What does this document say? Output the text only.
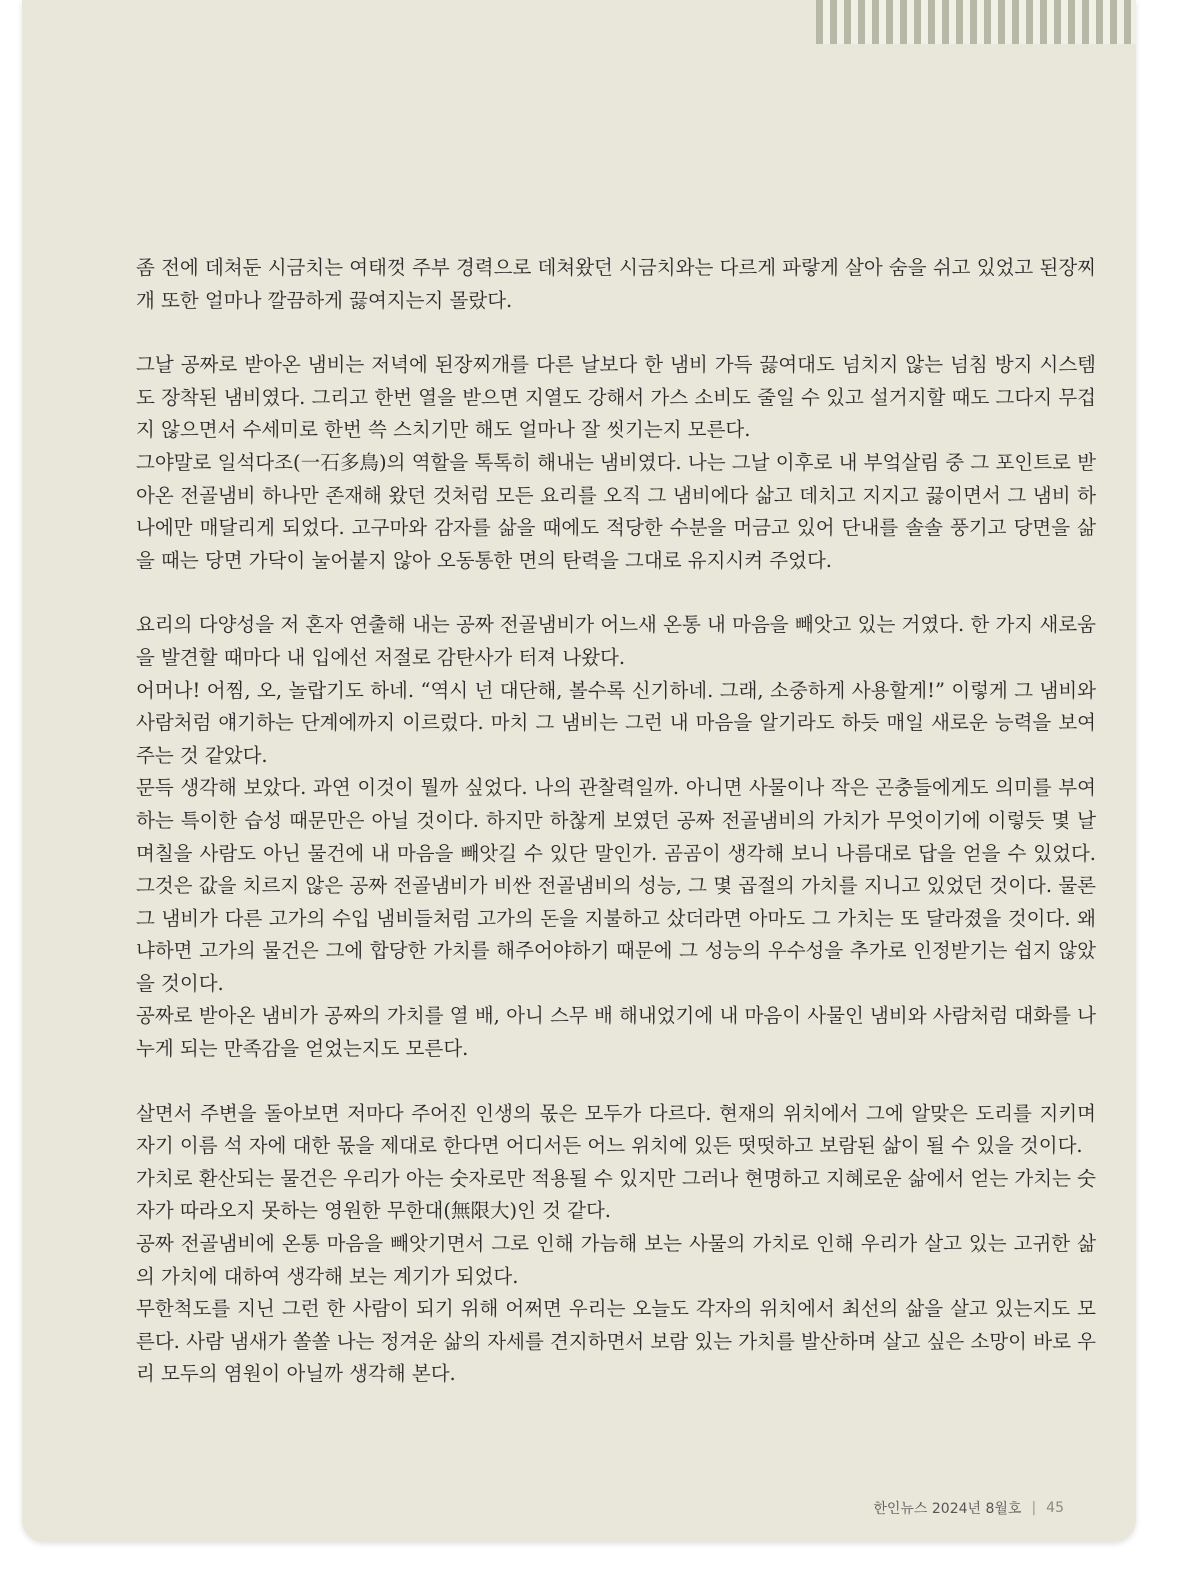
좀 전에 데쳐둔 시금치는 여태껏 주부 경력으로 데쳐왔던 시금치와는 다르게 파랗게 살아 숨을 쉬고 있었고 된장찌개 또한 얼마나 깔끔하게 끓여지는지 몰랐다.

그날 공짜로 받아온 냄비는 저녁에 된장찌개를 다른 날보다 한 냄비 가득 끓여대도 넘치지 않는 넘침 방지 시스템도 장착된 냄비였다. 그리고 한번 열을 받으면 지열도 강해서 가스 소비도 줄일 수 있고 설거지할 때도 그다지 무겁지 않으면서 수세미로 한번 쓱 스치기만 해도 얼마나 잘 씻기는지 모른다.

그야말로 일석다조(一石多鳥)의 역할을 톡톡히 해내는 냄비였다. 나는 그날 이후로 내 부엌살림 중 그 포인트로 받아온 전골냄비 하나만 존재해 왔던 것처럼 모든 요리를 오직 그 냄비에다 삶고 데치고 지지고 끓이면서 그 냄비 하나에만 매달리게 되었다. 고구마와 감자를 삶을 때에도 적당한 수분을 머금고 있어 단내를 솔솔 풍기고 당면을 삶을 때는 당면 가닥이 눌어붙지 않아 오동통한 면의 탄력을 그대로 유지시켜 주었다.

요리의 다양성을 저 혼자 연출해 내는 공짜 전골냄비가 어느새 온통 내 마음을 빼앗고 있는 거였다. 한 가지 새로움을 발견할 때마다 내 입에선 저절로 감탄사가 터져 나왔다.

어머나! 어찜, 오, 놀랍기도 하네. “역시 넌 대단해, 볼수록 신기하네. 그래, 소중하게 사용할게!” 이렇게 그 냄비와 사람처럼 얘기하는 단계에까지 이르렀다. 마치 그 냄비는 그런 내 마음을 알기라도 하듯 매일 새로운 능력을 보여 주는 것 같았다.

문득 생각해 보았다. 과연 이것이 뭘까 싶었다. 나의 관찰력일까. 아니면 사물이나 작은 곤충들에게도 의미를 부여하는 특이한 습성 때문만은 아닐 것이다. 하지만 하찮게 보였던 공짜 전골냄비의 가치가 무엇이기에 이렇듯 몇 날 며칠을 사람도 아닌 물건에 내 마음을 빼앗길 수 있단 말인가. 곰곰이 생각해 보니 나름대로 답을 얻을 수 있었다. 그것은 값을 치르지 않은 공짜 전골냄비가 비싼 전골냄비의 성능, 그 몇 곱절의 가치를 지니고 있었던 것이다. 물론 그 냄비가 다른 고가의 수입 냄비들처럼 고가의 돈을 지불하고 샀더라면 아마도 그 가치는 또 달라졌을 것이다. 왜냐하면 고가의 물건은 그에 합당한 가치를 해주어야하기 때문에 그 성능의 우수성을 추가로 인정받기는 쉽지 않았을 것이다.

공짜로 받아온 냄비가 공짜의 가치를 열 배, 아니 스무 배 해내었기에 내 마음이 사물인 냄비와 사람처럼 대화를 나누게 되는 만족감을 얻었는지도 모른다.

살면서 주변을 돌아보면 저마다 주어진 인생의 몫은 모두가 다르다. 현재의 위치에서 그에 알맞은 도리를 지키며 자기 이름 석 자에 대한 몫을 제대로 한다면 어디서든 어느 위치에 있든 떳떳하고 보람된 삶이 될 수 있을 것이다.

가치로 환산되는 물건은 우리가 아는 숫자로만 적용될 수 있지만 그러나 현명하고 지혜로운 삶에서 얻는 가치는 숫자가 따라오지 못하는 영원한 무한대(無限大)인 것 같다.

공짜 전골냄비에 온통 마음을 빼앗기면서 그로 인해 가늠해 보는 사물의 가치로 인해 우리가 살고 있는 고귀한 삶의 가치에 대하여 생각해 보는 계기가 되었다.

무한척도를 지닌 그런 한 사람이 되기 위해 어쩌면 우리는 오늘도 각자의 위치에서 최선의 삶을 살고 있는지도 모른다. 사람 냄새가 쏠쏠 나는 정겨운 삶의 자세를 견지하면서 보람 있는 가치를 발산하며 살고 싶은 소망이 바로 우리 모두의 염원이 아닐까 생각해 본다.

한인뉴스 2024년 8월호 | 45
